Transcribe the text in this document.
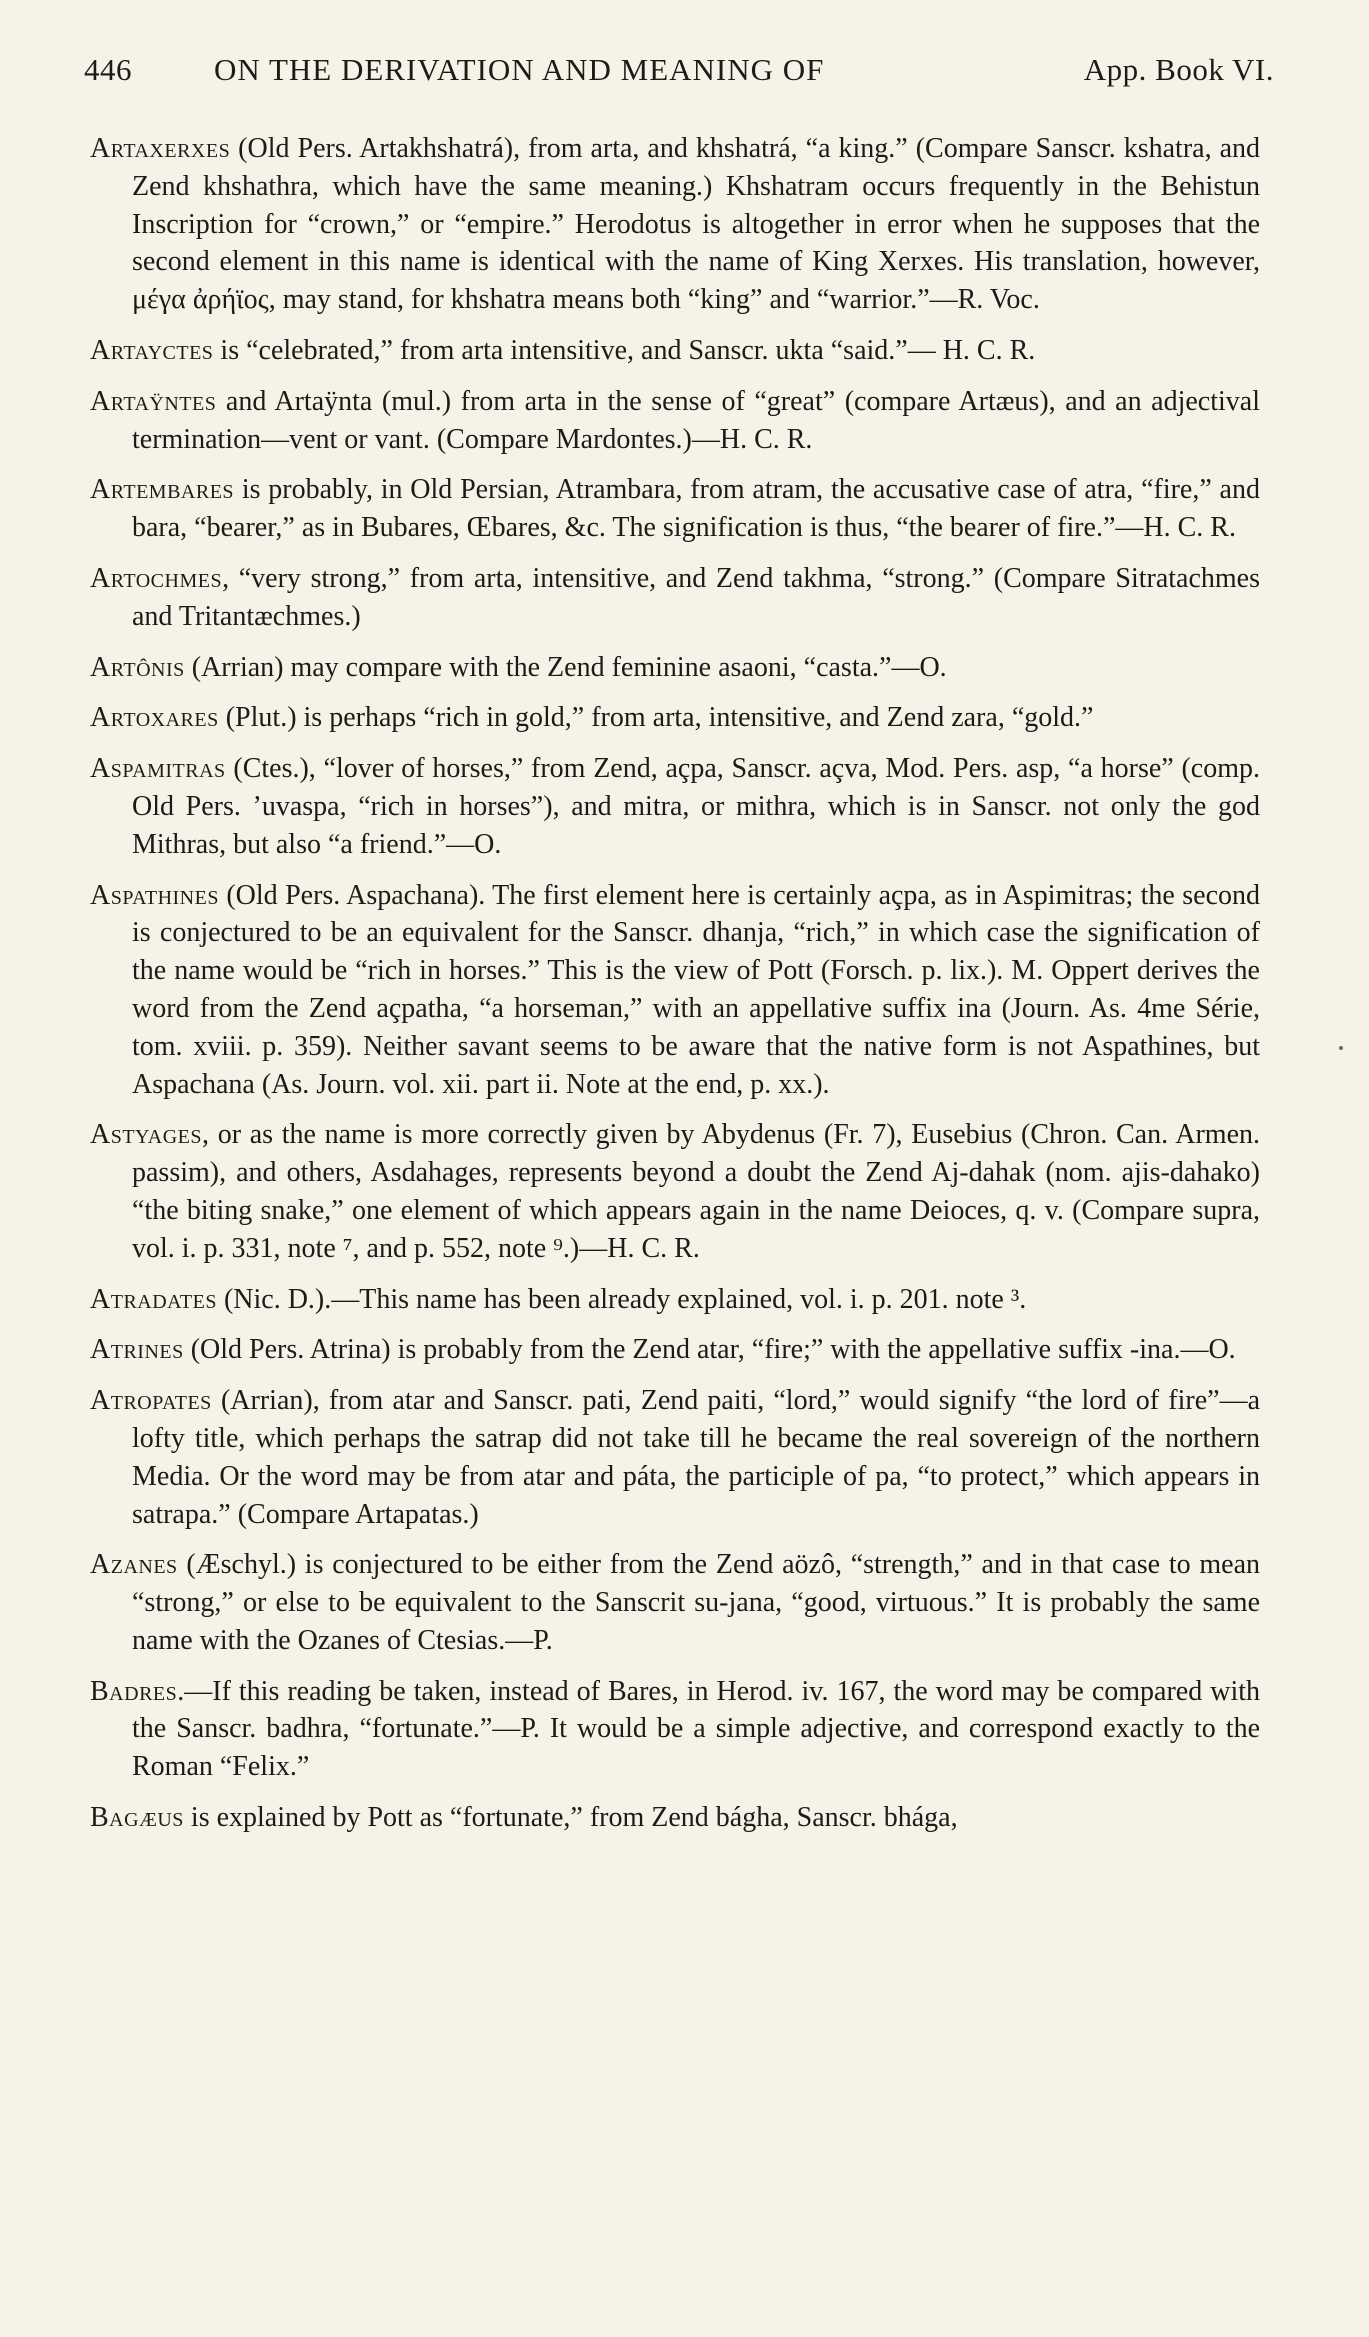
446	ON THE DERIVATION AND MEANING OF	App. Book VI.

Artaxerxes (Old Pers. Artakhshatrá), from arta, and khshatrá, “a king.” (Compare Sanscr. kshatra, and Zend khshathra, which have the same meaning.) Khshatram occurs frequently in the Behistun Inscription for “crown,” or “empire.” Herodotus is altogether in error when he supposes that the second element in this name is identical with the name of King Xerxes. His translation, however, μέγα ἀρήϊος, may stand, for khshatra means both “king” and “warrior.”—R. Voc.

Artayctes is “celebrated,” from arta intensitive, and Sanscr. ukta “said.”— H. C. R.

Artaÿntes and Artaÿnta (mul.) from arta in the sense of “great” (compare Artæus), and an adjectival termination—vent or vant. (Compare Mardontes.)—H. C. R.

Artembares is probably, in Old Persian, Atrambara, from atram, the accusative case of atra, “fire,” and bara, “bearer,” as in Bubares, Œbares, &c. The signification is thus, “the bearer of fire.”—H. C. R.

Artochmes, “very strong,” from arta, intensitive, and Zend takhma, “strong.” (Compare Sitratachmes and Tritantæchmes.)

Artônis (Arrian) may compare with the Zend feminine asaoni, “casta.”—O.

Artoxares (Plut.) is perhaps “rich in gold,” from arta, intensitive, and Zend zara, “gold.”

Aspamitras (Ctes.), “lover of horses,” from Zend, açpa, Sanscr. açva, Mod. Pers. asp, “a horse” (comp. Old Pers. ’uvaspa, “rich in horses”), and mitra, or mithra, which is in Sanscr. not only the god Mithras, but also “a friend.”—O.

Aspathines (Old Pers. Aspachana). The first element here is certainly açpa, as in Aspimitras; the second is conjectured to be an equivalent for the Sanscr. dhanja, “rich,” in which case the signification of the name would be “rich in horses.” This is the view of Pott (Forsch. p. lix.). M. Oppert derives the word from the Zend açpatha, “a horseman,” with an appellative suffix ina (Journ. As. 4me Série, tom. xviii. p. 359). Neither savant seems to be aware that the native form is not Aspathines, but Aspachana (As. Journ. vol. xii. part ii. Note at the end, p. xx.).

Astyages, or as the name is more correctly given by Abydenus (Fr. 7), Eusebius (Chron. Can. Armen. passim), and others, Asdahages, represents beyond a doubt the Zend Aj-dahak (nom. ajis-dahako) “the biting snake,” one element of which appears again in the name Deioces, q. v. (Compare supra, vol. i. p. 331, note ⁷, and p. 552, note ⁹.)—H. C. R.

Atradates (Nic. D.).—This name has been already explained, vol. i. p. 201. note ³.

Atrines (Old Pers. Atrina) is probably from the Zend atar, “fire;” with the appellative suffix -ina.—O.

Atropates (Arrian), from atar and Sanscr. pati, Zend paiti, “lord,” would signify “the lord of fire”—a lofty title, which perhaps the satrap did not take till he became the real sovereign of the northern Media. Or the word may be from atar and páta, the participle of pa, “to protect,” which appears in satrapa.” (Compare Artapatas.)

Azanes (Æschyl.) is conjectured to be either from the Zend aözô, “strength,” and in that case to mean “strong,” or else to be equivalent to the Sanscrit su-jana, “good, virtuous.” It is probably the same name with the Ozanes of Ctesias.—P.

Badres.—If this reading be taken, instead of Bares, in Herod. iv. 167, the word may be compared with the Sanscr. badhra, “fortunate.”—P. It would be a simple adjective, and correspond exactly to the Roman “Felix.”

Bagæus is explained by Pott as “fortunate,” from Zend bágha, Sanscr. bhága,
